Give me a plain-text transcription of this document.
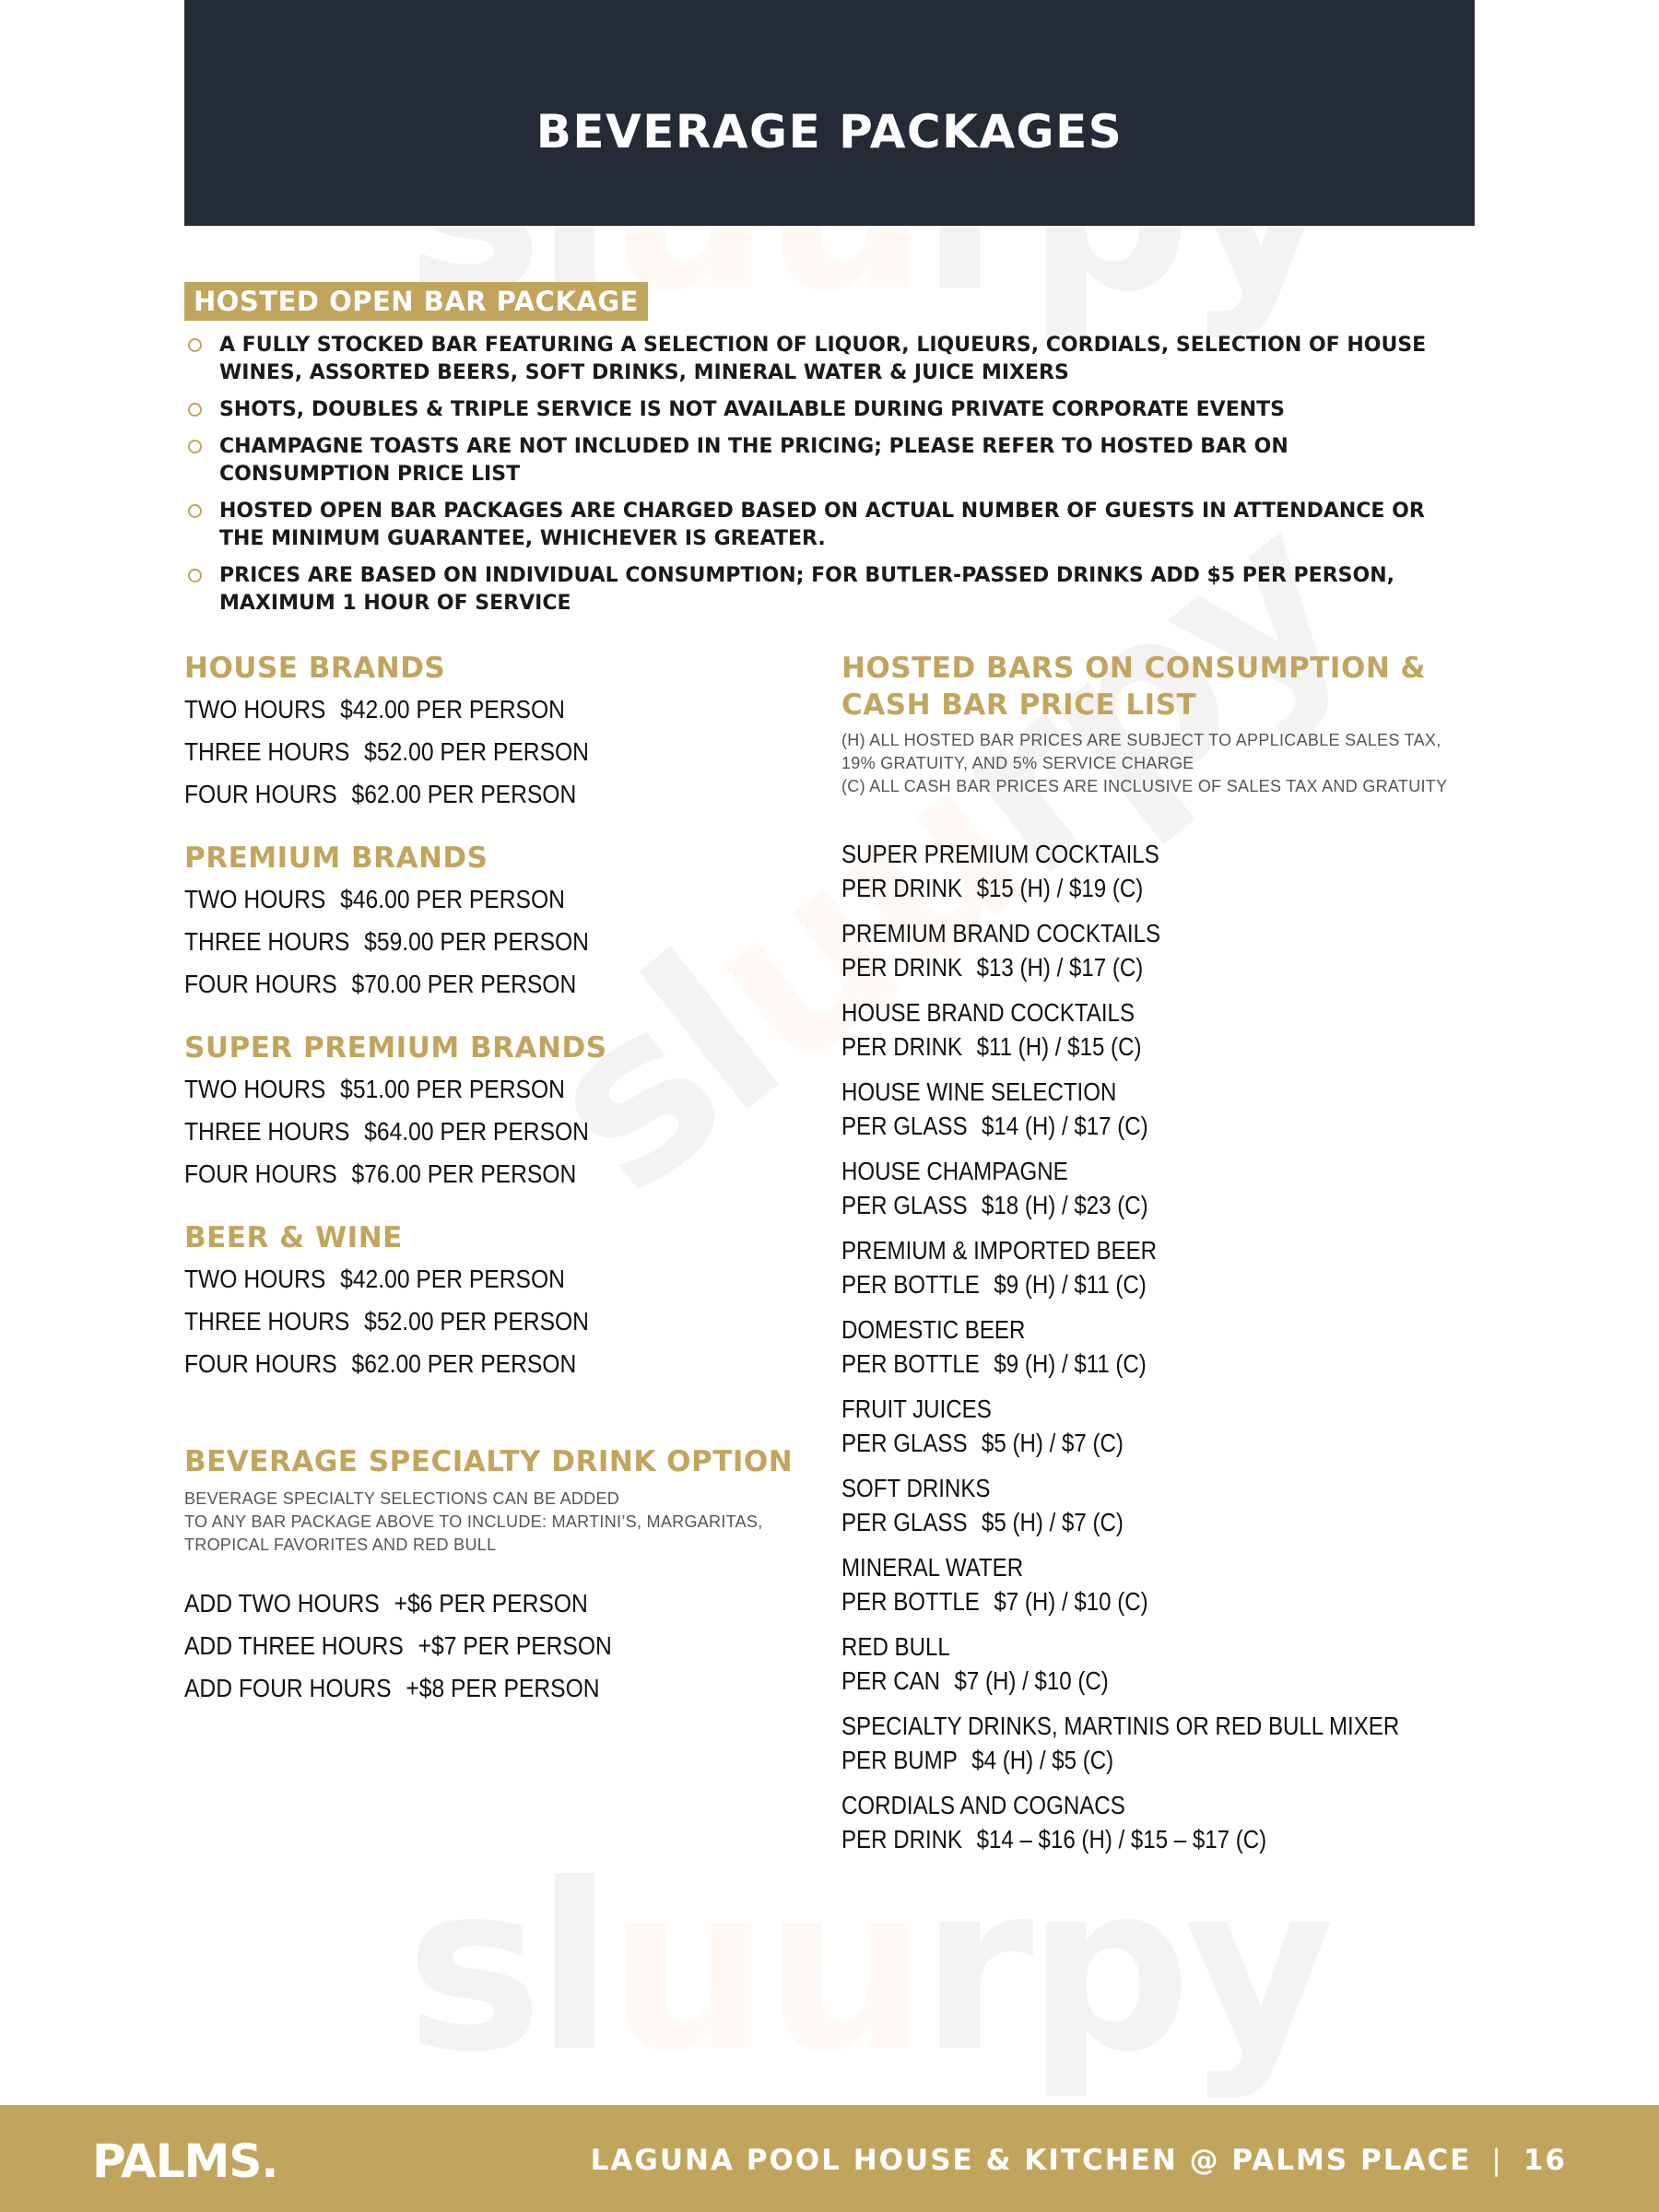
BEVERAGE PACKAGES
HOSTED OPEN BAR PACKAGE
A FULLY STOCKED BAR FEATURING A SELECTION OF LIQUOR, LIQUEURS, CORDIALS, SELECTION OF HOUSE WINES, ASSORTED BEERS, SOFT DRINKS, MINERAL WATER & JUICE MIXERS
SHOTS, DOUBLES & TRIPLE SERVICE IS NOT AVAILABLE DURING PRIVATE CORPORATE EVENTS
CHAMPAGNE TOASTS ARE NOT INCLUDED IN THE PRICING; PLEASE REFER TO HOSTED BAR ON CONSUMPTION PRICE LIST
HOSTED OPEN BAR PACKAGES ARE CHARGED BASED ON ACTUAL NUMBER OF GUESTS IN ATTENDANCE OR THE MINIMUM GUARANTEE, WHICHEVER IS GREATER.
PRICES ARE BASED ON INDIVIDUAL CONSUMPTION; FOR BUTLER-PASSED DRINKS ADD $5 PER PERSON, MAXIMUM 1 HOUR OF SERVICE
HOUSE BRANDS
TWO HOURS $42.00 PER PERSON
THREE HOURS $52.00 PER PERSON
FOUR HOURS $62.00 PER PERSON
PREMIUM BRANDS
TWO HOURS $46.00 PER PERSON
THREE HOURS $59.00 PER PERSON
FOUR HOURS $70.00 PER PERSON
SUPER PREMIUM BRANDS
TWO HOURS $51.00 PER PERSON
THREE HOURS $64.00 PER PERSON
FOUR HOURS $76.00 PER PERSON
BEER & WINE
TWO HOURS $42.00 PER PERSON
THREE HOURS $52.00 PER PERSON
FOUR HOURS $62.00 PER PERSON
BEVERAGE SPECIALTY DRINK OPTION
BEVERAGE SPECIALTY SELECTIONS CAN BE ADDED
TO ANY BAR PACKAGE ABOVE TO INCLUDE: MARTINI’S, MARGARITAS,
TROPICAL FAVORITES AND RED BULL
ADD TWO HOURS +$6 PER PERSON
ADD THREE HOURS +$7 PER PERSON
ADD FOUR HOURS +$8 PER PERSON
HOSTED BARS ON CONSUMPTION &
CASH BAR PRICE LIST
(H) ALL HOSTED BAR PRICES ARE SUBJECT TO APPLICABLE SALES TAX,
19% GRATUITY, AND 5% SERVICE CHARGE
(C) ALL CASH BAR PRICES ARE INCLUSIVE OF SALES TAX AND GRATUITY
SUPER PREMIUM COCKTAILS
PER DRINK $15 (H) / $19 (C)
PREMIUM BRAND COCKTAILS
PER DRINK $13 (H) / $17 (C)
HOUSE BRAND COCKTAILS
PER DRINK $11 (H) / $15 (C)
HOUSE WINE SELECTION
PER GLASS $14 (H) / $17 (C)
HOUSE CHAMPAGNE
PER GLASS $18 (H) / $23 (C)
PREMIUM & IMPORTED BEER
PER BOTTLE $9 (H) / $11 (C)
DOMESTIC BEER
PER BOTTLE $9 (H) / $11 (C)
FRUIT JUICES
PER GLASS $5 (H) / $7 (C)
SOFT DRINKS
PER GLASS $5 (H) / $7 (C)
MINERAL WATER
PER BOTTLE $7 (H) / $10 (C)
RED BULL
PER CAN $7 (H) / $10 (C)
SPECIALTY DRINKS, MARTINIS OR RED BULL MIXER
PER BUMP $4 (H) / $5 (C)
CORDIALS AND COGNACS
PER DRINK $14 – $16 (H) / $15 – $17 (C)
PALMS.	LAGUNA POOL HOUSE & KITCHEN @ PALMS PLACE | 16
